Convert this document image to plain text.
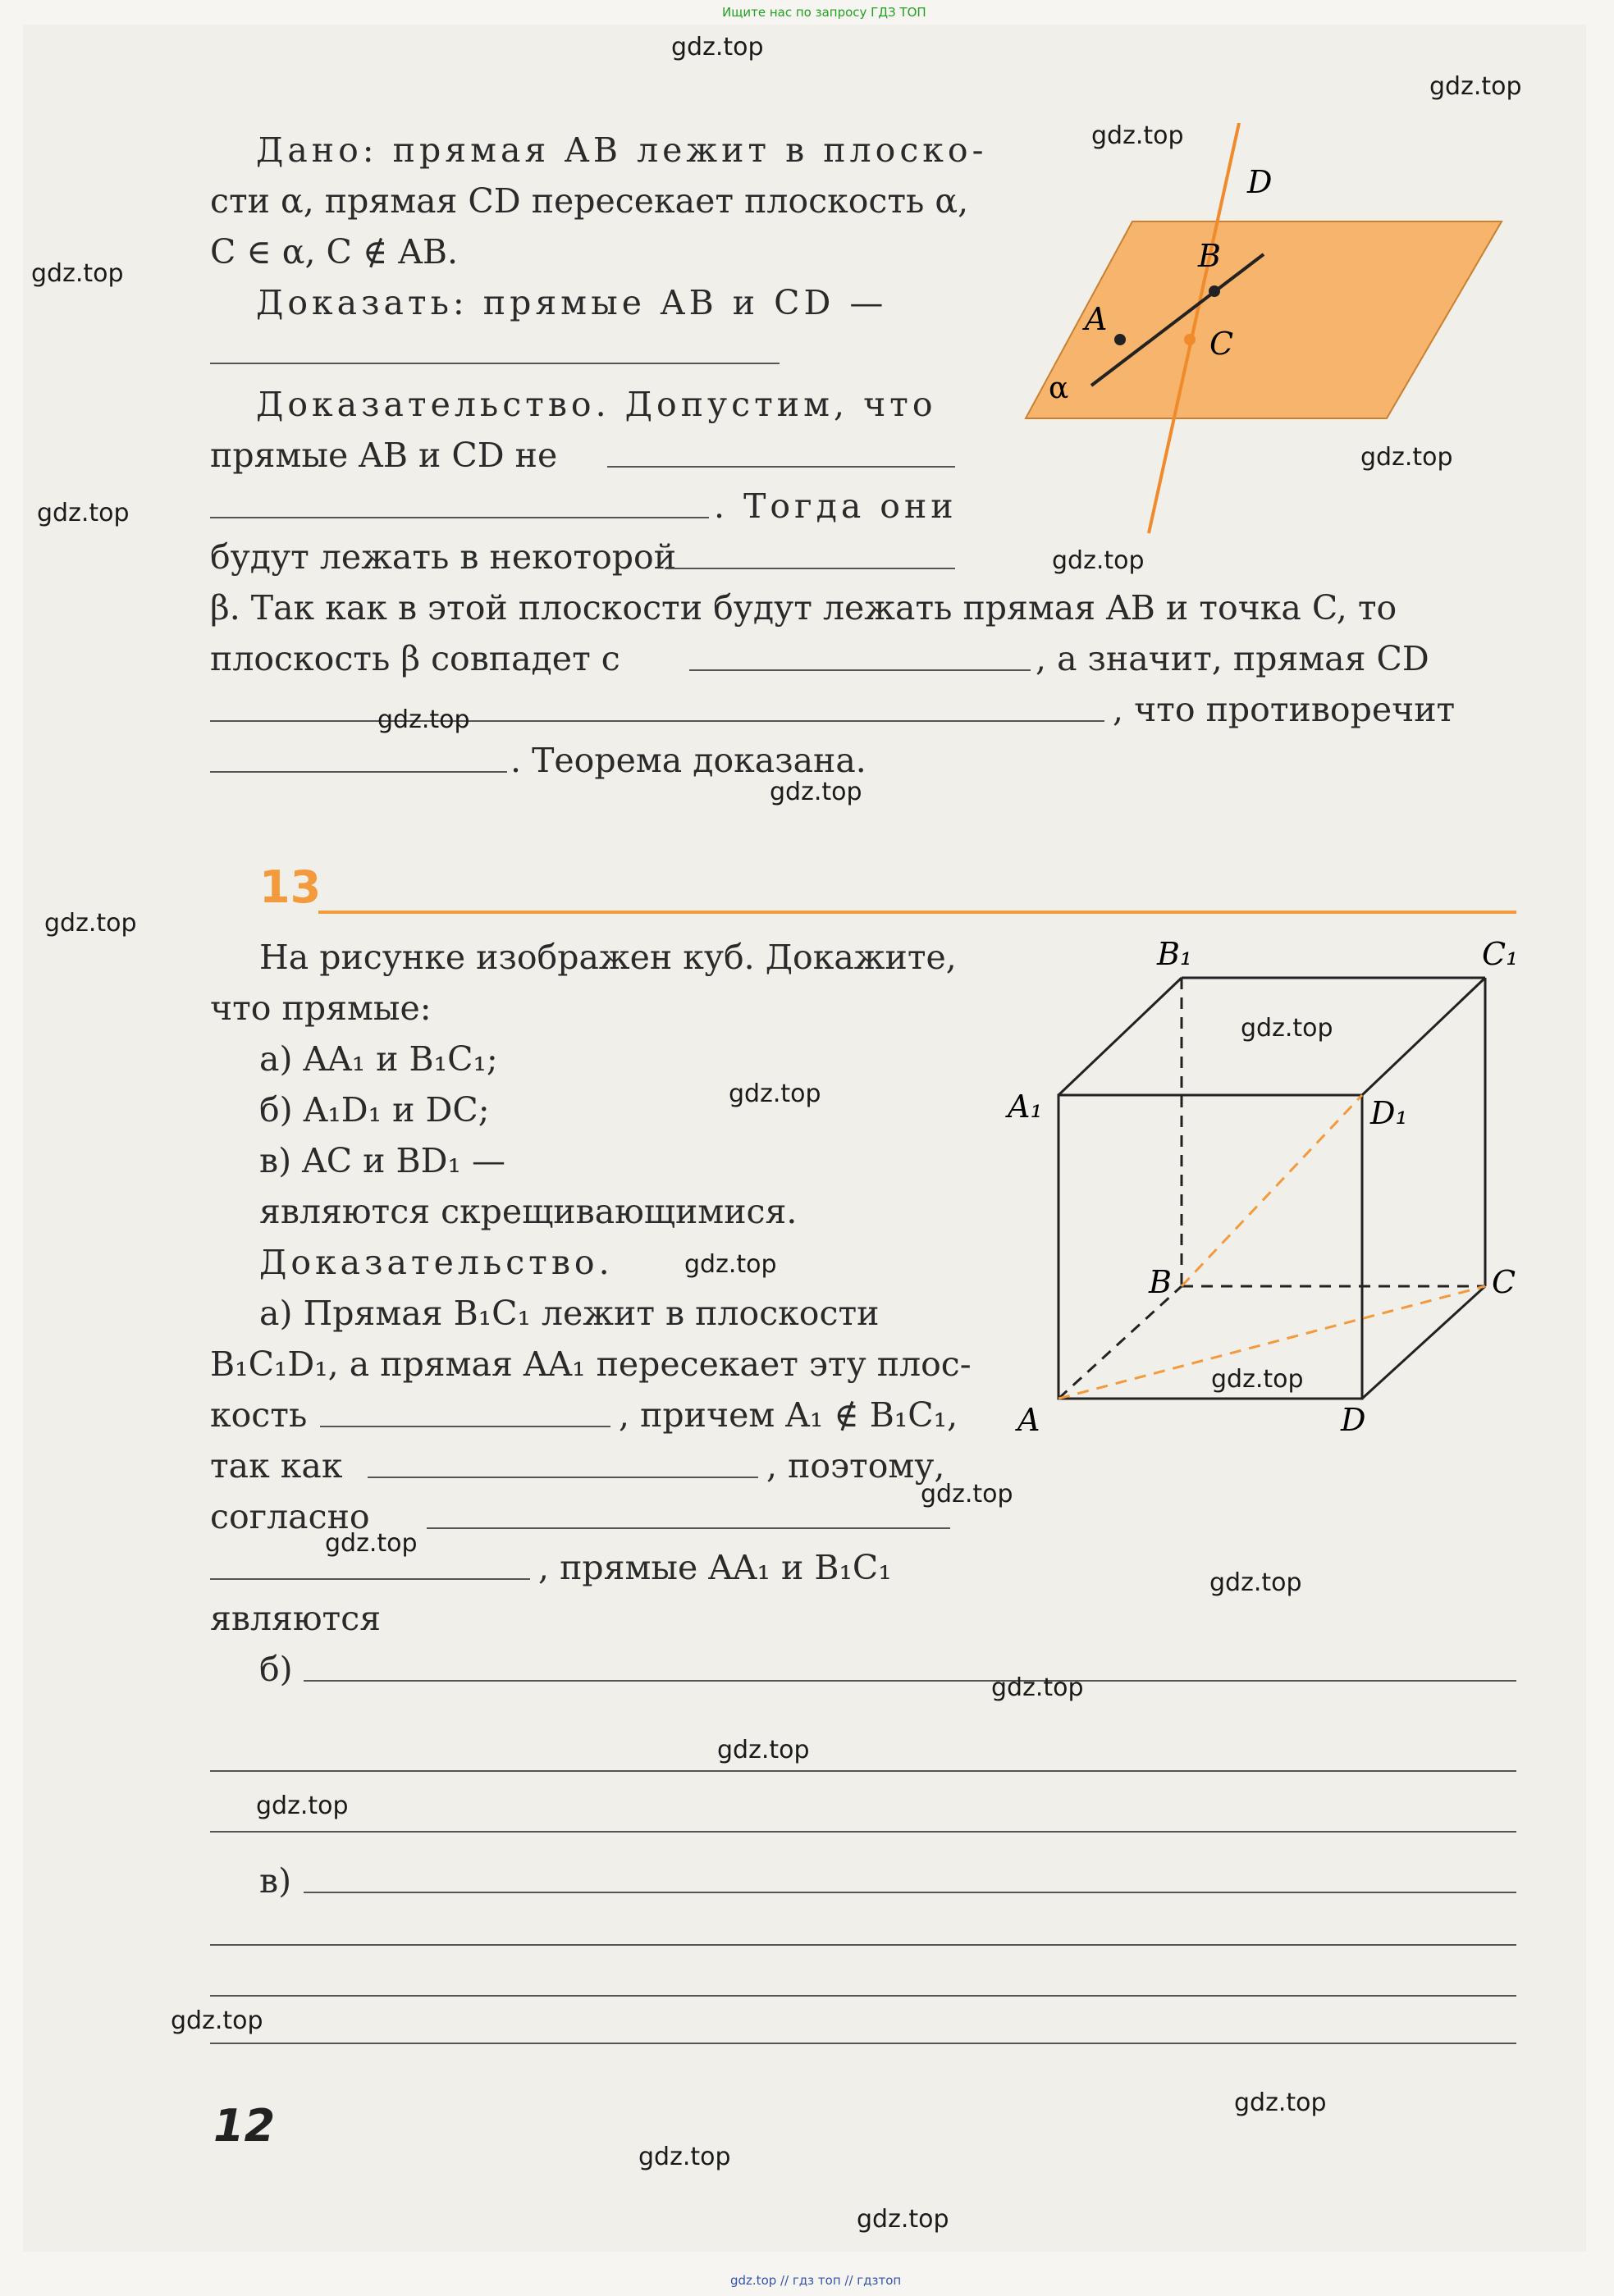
Ищите нас по запросу ГДЗ ТОП
gdz.top // гдз топ // гдзтоп
Дано: прямая AB лежит в плоско-
сти α, прямая CD пересекает плоскость α,
C ∈ α, C ∉ AB.
Доказать: прямые AB и CD —
Доказательство. Допустим, что
прямые AB и CD не
. Тогда они
будут лежать в некоторой
β. Так как в этой плоскости будут лежать прямая AB и точка C, то
плоскость β совпадет с	, а значит, прямая CD
, что противоречит
. Теорема доказана.
D
B
A
C
α
13
На рисунке изображен куб. Докажите,
что прямые:
а) AA₁ и B₁C₁;
б) A₁D₁ и DC;
в) AC и BD₁ —
являются скрещивающимися.
Доказательство.
а) Прямая B₁C₁ лежит в плоскости
B₁C₁D₁, а прямая AA₁ пересекает эту плос-
кость	, причем A₁ ∉ B₁C₁,
так как	, поэтому,
согласно
, прямые AA₁ и B₁C₁
являются
б)
в)
B₁	C₁
A₁	D₁
B	C
A	D
12
gdz.top
gdz.top
gdz.top
gdz.top
gdz.top
gdz.top
gdz.top
gdz.top
gdz.top
gdz.top
gdz.top
gdz.top
gdz.top
gdz.top
gdz.top
gdz.top
gdz.top
gdz.top
gdz.top
gdz.top
gdz.top
gdz.top
gdz.top
gdz.top
